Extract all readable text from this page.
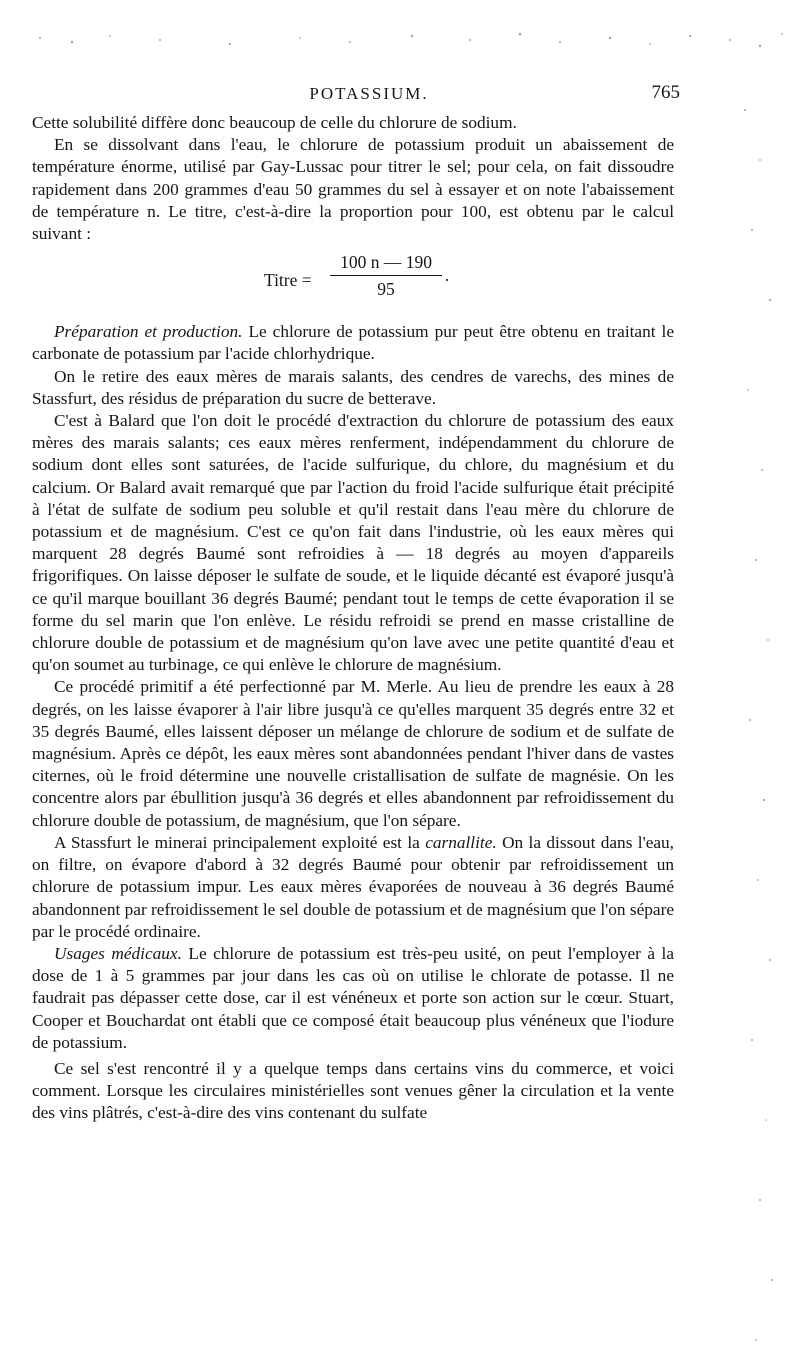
POTASSIUM.	765

Cette solubilité diffère donc beaucoup de celle du chlorure de sodium.

En se dissolvant dans l'eau, le chlorure de potassium produit un abaissement de température énorme, utilisé par Gay-Lussac pour titrer le sel; pour cela, on fait dissoudre rapidement dans 200 grammes d'eau 50 grammes du sel à essayer et on note l'abaissement de température n. Le titre, c'est-à-dire la proportion pour 100, est obtenu par le calcul suivant :

Titre = $\frac{100 n — 190}{95}$ ·

Préparation et production. Le chlorure de potassium pur peut être obtenu en traitant le carbonate de potassium par l'acide chlorhydrique.

On le retire des eaux mères de marais salants, des cendres de varechs, des mines de Stassfurt, des résidus de préparation du sucre de betterave.

C'est à Balard que l'on doit le procédé d'extraction du chlorure de potassium des eaux mères des marais salants; ces eaux mères renferment, indépendamment du chlorure de sodium dont elles sont saturées, de l'acide sulfurique, du chlore, du magnésium et du calcium. Or Balard avait remarqué que par l'action du froid l'acide sulfurique était précipité à l'état de sulfate de sodium peu soluble et qu'il restait dans l'eau mère du chlorure de potassium et de magnésium. C'est ce qu'on fait dans l'industrie, où les eaux mères qui marquent 28 degrés Baumé sont refroidies à — 18 degrés au moyen d'appareils frigorifiques. On laisse déposer le sulfate de soude, et le liquide décanté est évaporé jusqu'à ce qu'il marque bouillant 36 degrés Baumé; pendant tout le temps de cette évaporation il se forme du sel marin que l'on enlève. Le résidu refroidi se prend en masse cristalline de chlorure double de potassium et de magnésium qu'on lave avec une petite quantité d'eau et qu'on soumet au turbinage, ce qui enlève le chlorure de magnésium.

Ce procédé primitif a été perfectionné par M. Merle. Au lieu de prendre les eaux à 28 degrés, on les laisse évaporer à l'air libre jusqu'à ce qu'elles marquent 35 degrés entre 32 et 35 degrés Baumé, elles laissent déposer un mélange de chlorure de sodium et de sulfate de magnésium. Après ce dépôt, les eaux mères sont abandonnées pendant l'hiver dans de vastes citernes, où le froid détermine une nouvelle cristallisation de sulfate de magnésie. On les concentre alors par ébullition jusqu'à 36 degrés et elles abandonnent par refroidissement du chlorure double de potassium, de magnésium, que l'on sépare.

A Stassfurt le minerai principalement exploité est la carnallite. On la dissout dans l'eau, on filtre, on évapore d'abord à 32 degrés Baumé pour obtenir par refroidissement un chlorure de potassium impur. Les eaux mères évaporées de nouveau à 36 degrés Baumé abandonnent par refroidissement le sel double de potassium et de magnésium que l'on sépare par le procédé ordinaire.

Usages médicaux. Le chlorure de potassium est très-peu usité, on peut l'employer à la dose de 1 à 5 grammes par jour dans les cas où on utilise le chlorate de potasse. Il ne faudrait pas dépasser cette dose, car il est vénéneux et porte son action sur le cœur. Stuart, Cooper et Bouchardat ont établi que ce composé était beaucoup plus vénéneux que l'iodure de potassium.

Ce sel s'est rencontré il y a quelque temps dans certains vins du commerce, et voici comment. Lorsque les circulaires ministérielles sont venues gêner la circulation et la vente des vins plâtrés, c'est-à-dire des vins contenant du sulfate
